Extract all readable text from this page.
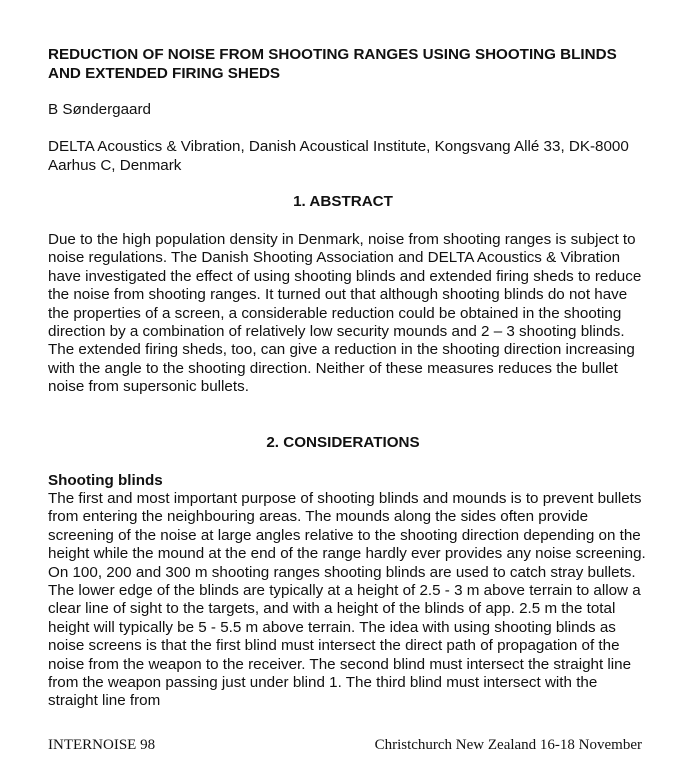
REDUCTION OF NOISE FROM SHOOTING RANGES USING SHOOTING BLINDS AND EXTENDED FIRING SHEDS
B Søndergaard
DELTA Acoustics & Vibration, Danish Acoustical Institute, Kongsvang Allé 33, DK-8000 Aarhus C, Denmark
1. ABSTRACT

Due to the high population density in Denmark, noise from shooting ranges is subject to noise regulations. The Danish Shooting Association and DELTA Acoustics & Vibration have investigated the effect of using shooting blinds and extended firing sheds to reduce the noise from shooting ranges. It turned out that although shooting blinds do not have the properties of a screen, a considerable reduction could be obtained in the shooting direction by a combination of relatively low security mounds and 2 – 3 shooting blinds. The extended firing sheds, too, can give a reduction in the shooting direction increasing with the angle to the shooting direction. Neither of these measures reduces the bullet noise from supersonic bullets.

2. CONSIDERATIONS
Shooting blinds

The first and most important purpose of shooting blinds and mounds is to prevent bullets from entering the neighbouring areas. The mounds along the sides often provide screening of the noise at large angles relative to the shooting direction depending on the height while the mound at the end of the range hardly ever provides any noise screening. On 100, 200 and 300 m shooting ranges shooting blinds are used to catch stray bullets. The lower edge of the blinds are typically at a height of 2.5 - 3 m above terrain to allow a clear line of sight to the targets, and with a height of the blinds of app. 2.5 m the total height will typically be 5 - 5.5 m above terrain. The idea with using shooting blinds as noise screens is that the first blind must intersect the direct path of propagation of the noise from the weapon to the receiver. The second blind must intersect the straight line from the weapon passing just under blind 1. The third blind must intersect with the straight line from

INTERNOISE 98	Christchurch New Zealand 16-18 November
